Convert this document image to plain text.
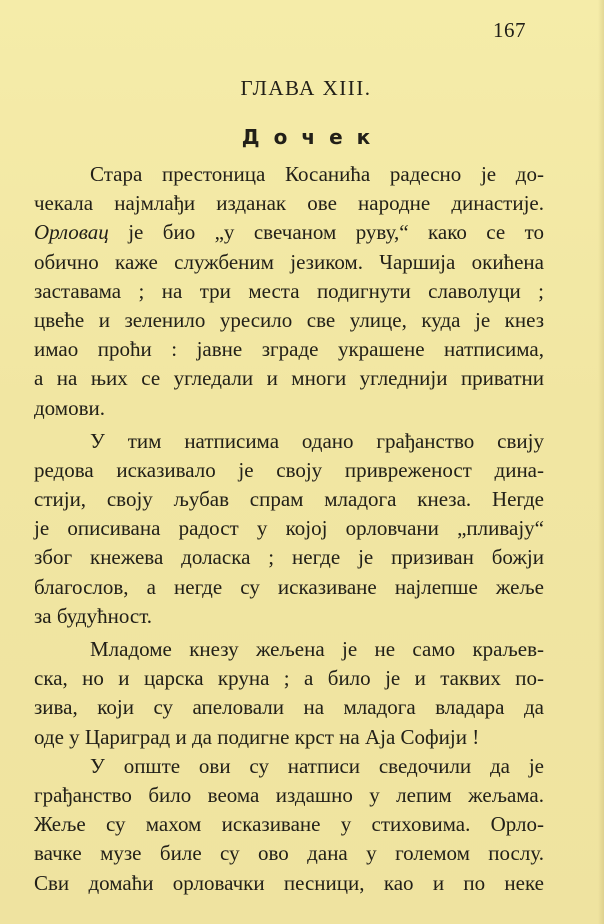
167
ГЛАВА XIII.
Дочек
Стара престоница Косанића радесно је до-
чекала најмлађи изданак ове народне династије.
Орловац је био „у свечаном руву,“ како се то
обично каже службеним језиком. Чаршија окићена
заставама ; на три места подигнути славолуци ;
цвеће и зеленило уресило све улице, куда је кнез
имао проћи : јавне зграде украшене натписима,
а на њих се угледали и многи угледнији приватни
домови.
У тим натписима одано грађанство свију
редова исказивало је своју привреженост дина-
стији, своју љубав спрам младога кнеза. Негде
је описивана радост у којој орловчани „пливају“
због кнежева доласка ; негде је призиван божји
благослов, а негде су исказиване најлепше жеље
за будућност.
Младоме кнезу жељена је не само краљев-
ска, но и царска круна ; а било је и таквих по-
зива, који су апеловали на младога владара да
оде у Цариград и да подигне крст на Аја Софији !
У опште ови су натписи сведочили да је
грађанство било веома издашно у лепим жељама.
Жеље су махом исказиване у стиховима. Орло-
вачке музе биле су ово дана у големом послу.
Сви домаћи орловачки песници, као и по неке
